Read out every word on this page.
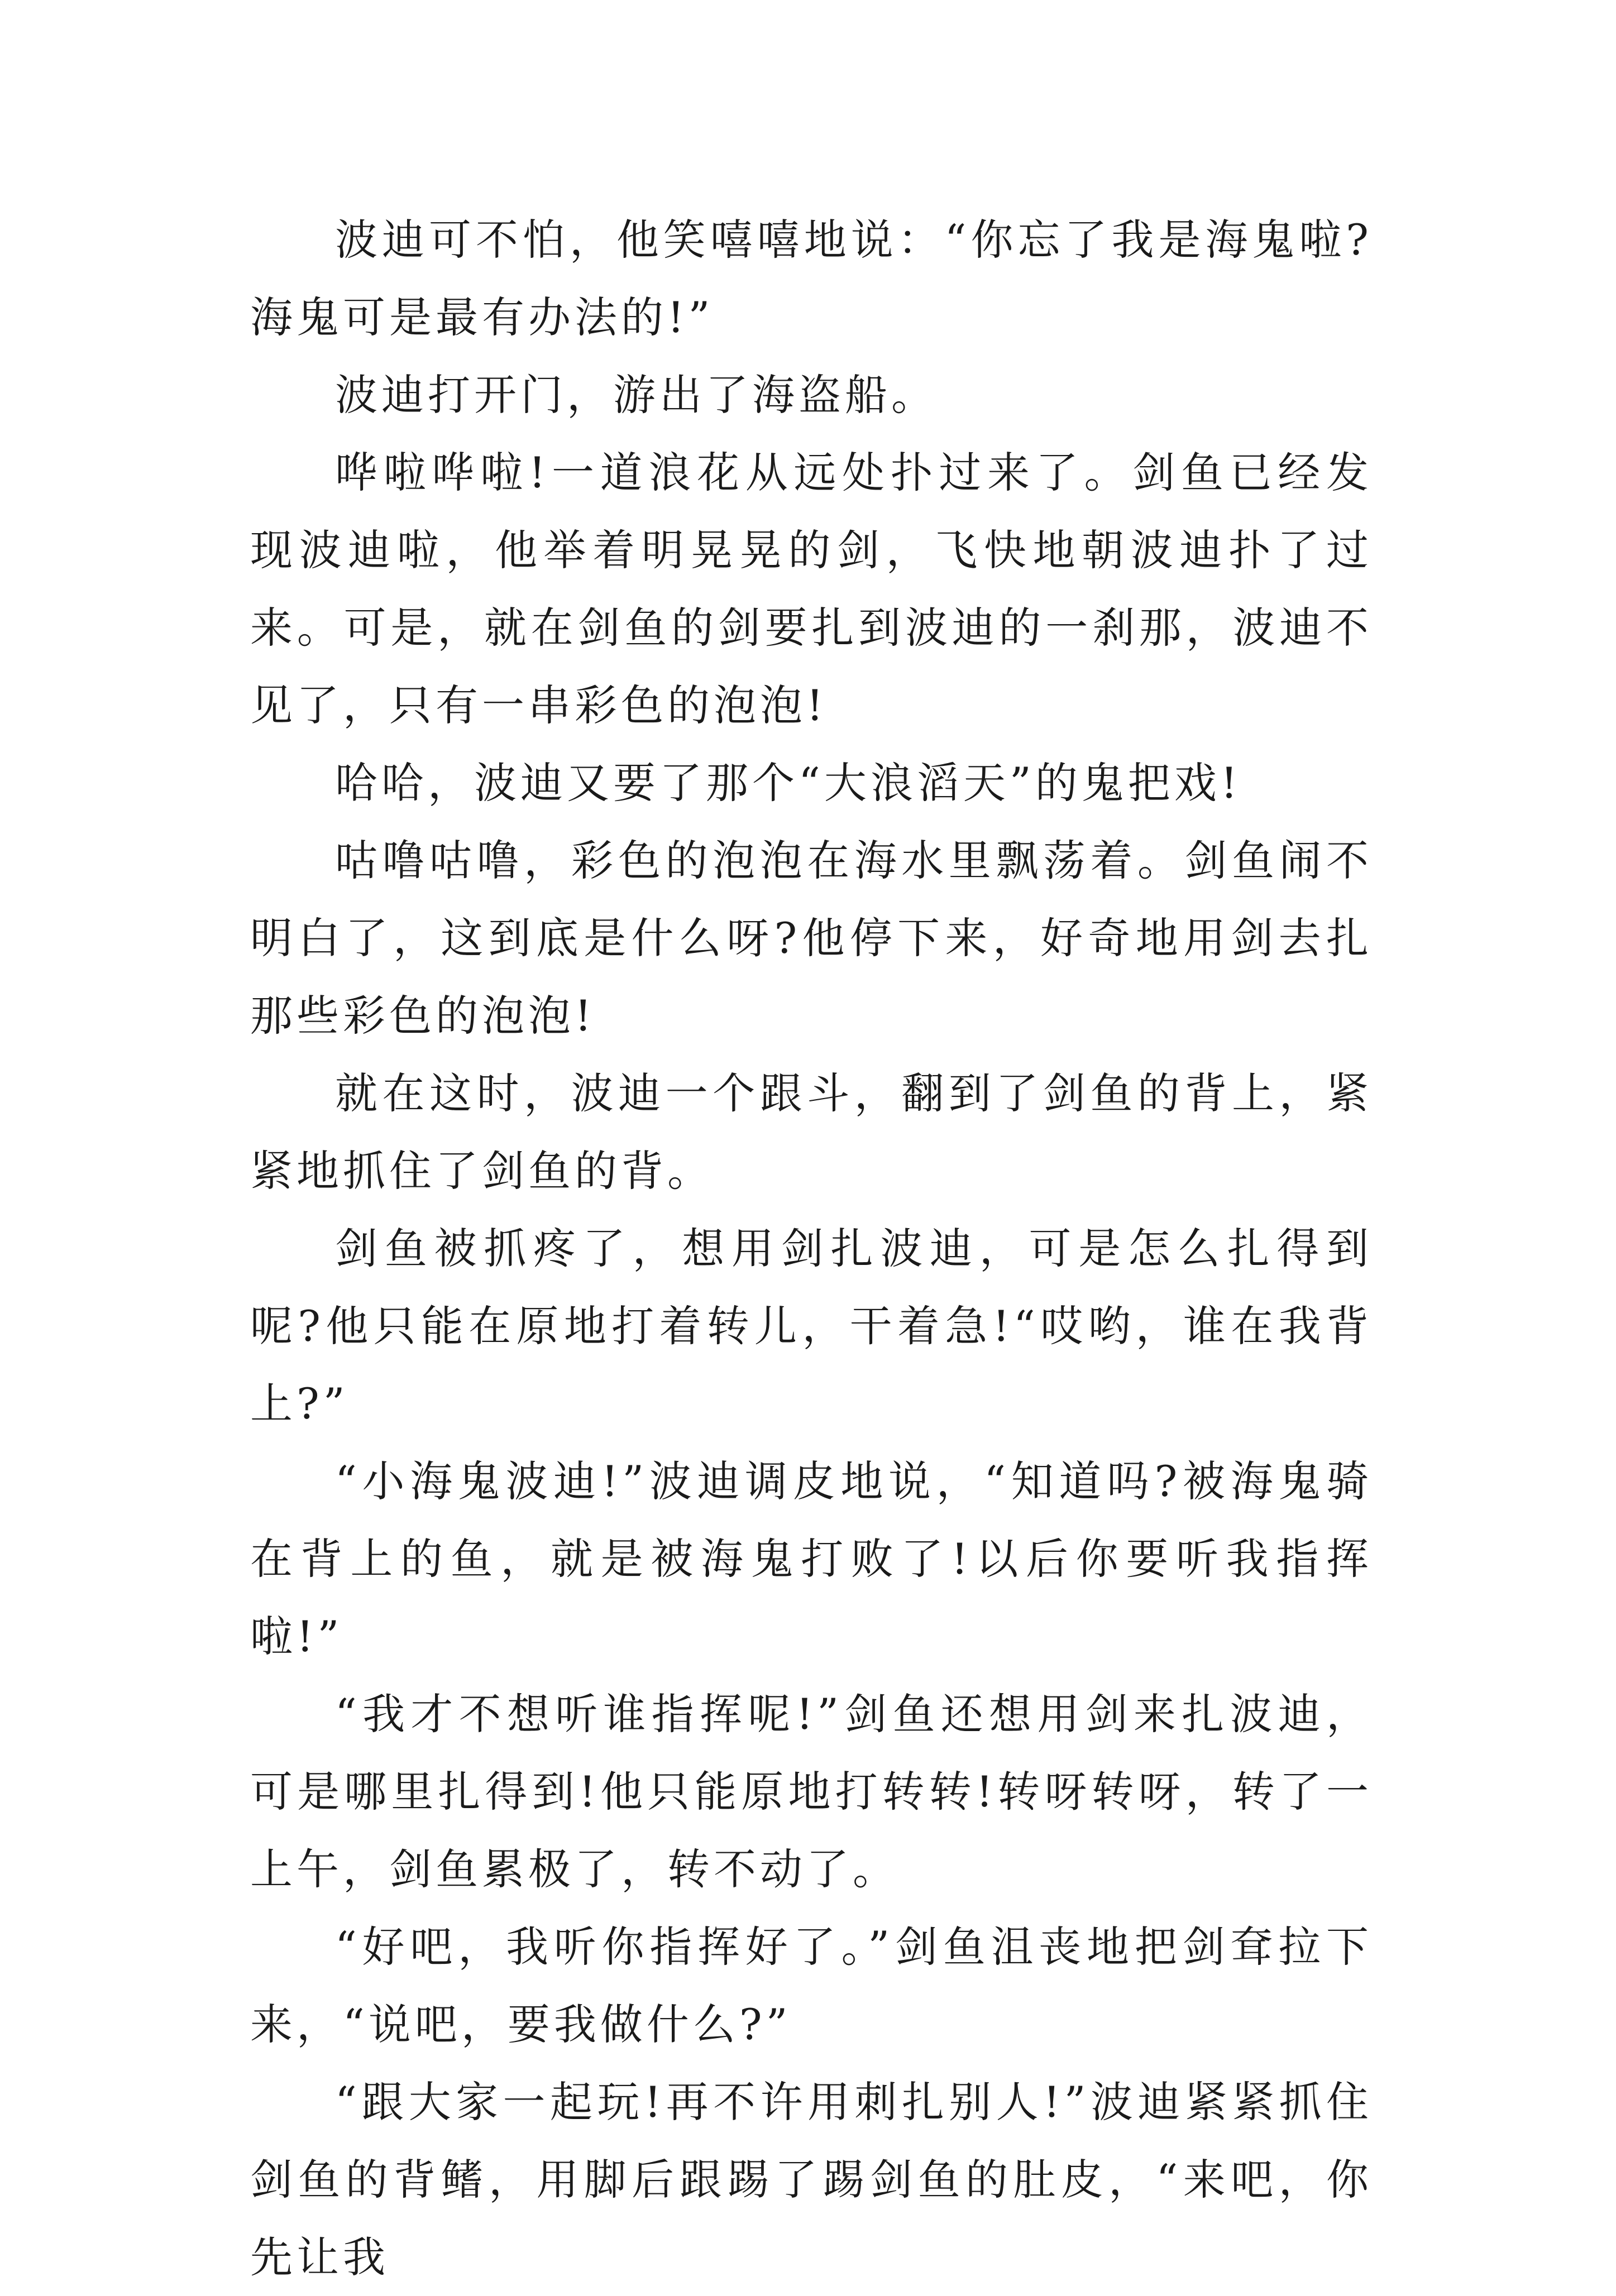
波迪可不怕，他笑嘻嘻地说：“你忘了我是海鬼啦?海鬼可是最有办法的!”

波迪打开门，游出了海盗船。

哗啦哗啦!一道浪花从远处扑过来了。剑鱼已经发现波迪啦，他举着明晃晃的剑，飞快地朝波迪扑了过来。可是，就在剑鱼的剑要扎到波迪的一刹那，波迪不见了，只有一串彩色的泡泡!

哈哈，波迪又要了那个“大浪滔天”的鬼把戏!

咕噜咕噜，彩色的泡泡在海水里飘荡着。剑鱼闹不明白了，这到底是什么呀?他停下来，好奇地用剑去扎那些彩色的泡泡!

就在这时，波迪一个跟斗，翻到了剑鱼的背上，紧紧地抓住了剑鱼的背。

剑鱼被抓疼了，想用剑扎波迪，可是怎么扎得到呢?他只能在原地打着转儿，干着急!“哎哟，谁在我背上?”

“小海鬼波迪!”波迪调皮地说，“知道吗?被海鬼骑在背上的鱼，就是被海鬼打败了!以后你要听我指挥啦!”

“我才不想听谁指挥呢!”剑鱼还想用剑来扎波迪，可是哪里扎得到!他只能原地打转转!转呀转呀，转了一上午，剑鱼累极了，转不动了。

“好吧，我听你指挥好了。”剑鱼沮丧地把剑耷拉下来，“说吧，要我做什么?”

“跟大家一起玩!再不许用刺扎别人!”波迪紧紧抓住剑鱼的背鳍，用脚后跟踢了踢剑鱼的肚皮，“来吧，你先让我
